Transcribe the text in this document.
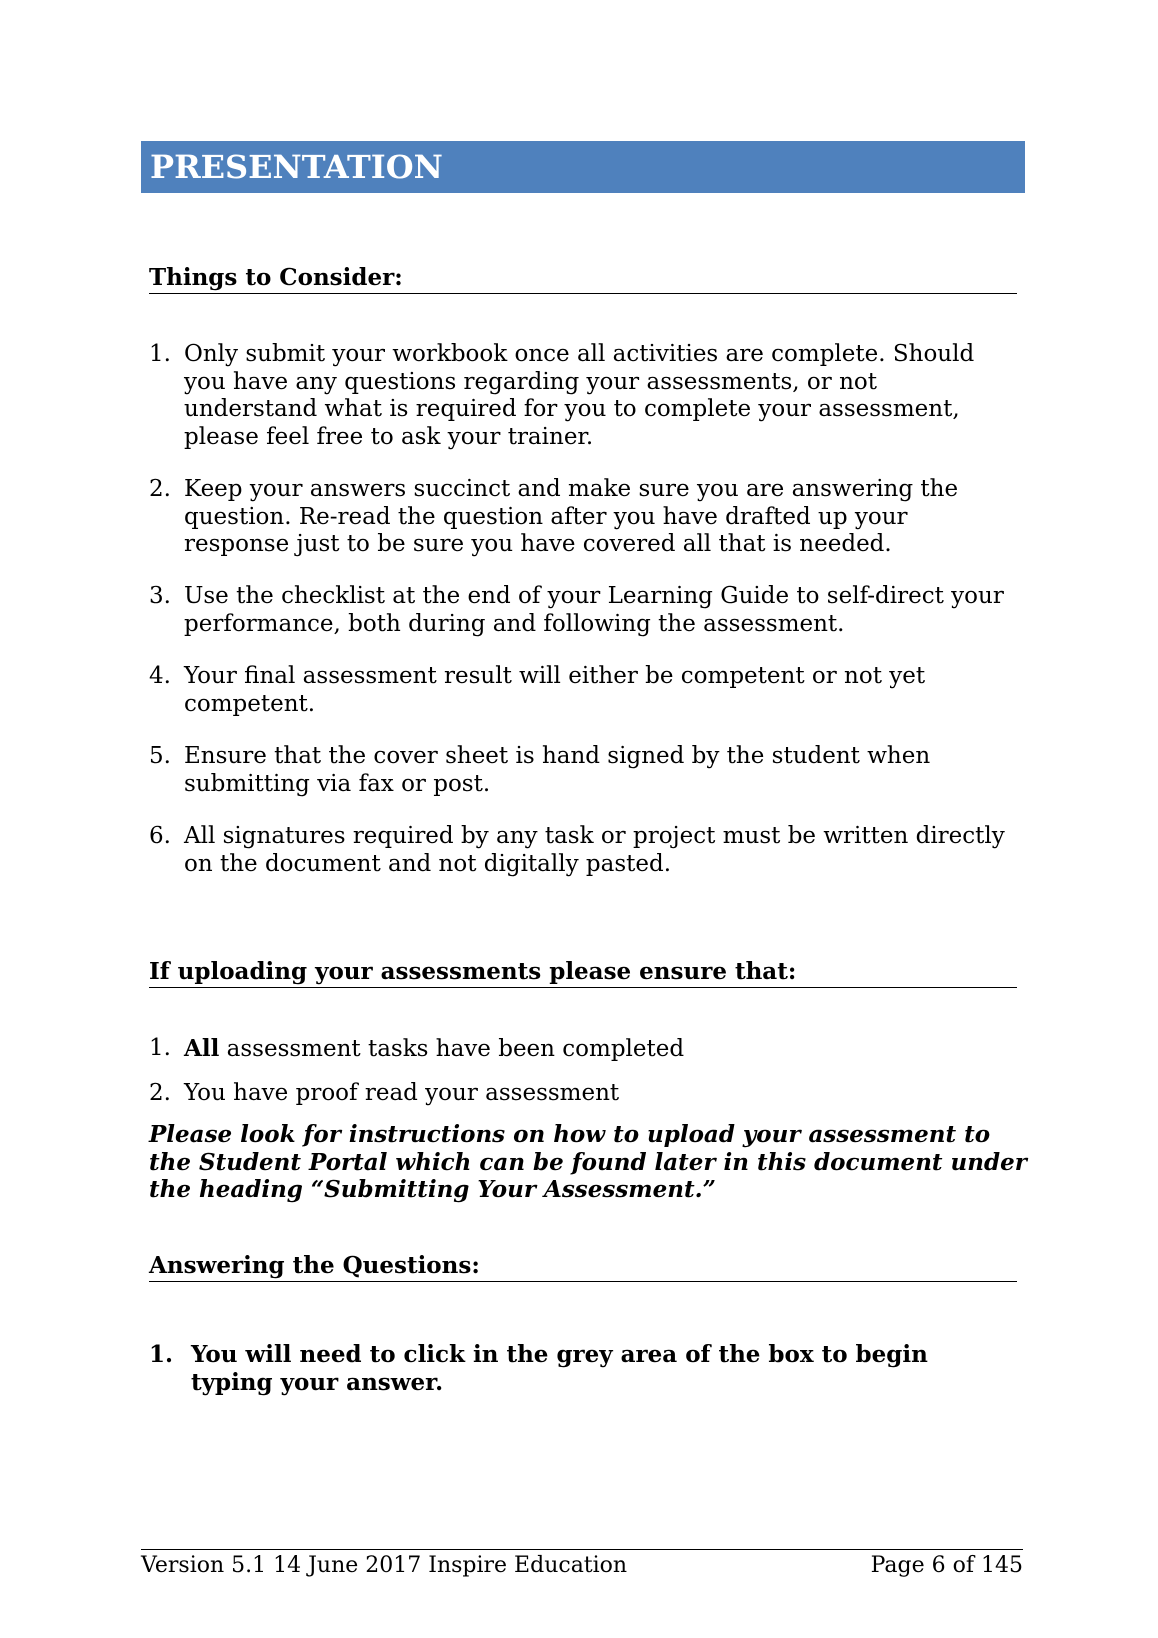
PRESENTATION
Things to Consider:
1. Only submit your workbook once all activities are complete. Should you have any questions regarding your assessments, or not understand what is required for you to complete your assessment, please feel free to ask your trainer.
2. Keep your answers succinct and make sure you are answering the question. Re-read the question after you have drafted up your response just to be sure you have covered all that is needed.
3. Use the checklist at the end of your Learning Guide to self-direct your performance, both during and following the assessment.
4. Your final assessment result will either be competent or not yet competent.
5. Ensure that the cover sheet is hand signed by the student when submitting via fax or post.
6. All signatures required by any task or project must be written directly on the document and not digitally pasted.
If uploading your assessments please ensure that:
1. All assessment tasks have been completed
2. You have proof read your assessment
Please look for instructions on how to upload your assessment to the Student Portal which can be found later in this document under the heading “Submitting Your Assessment.”
Answering the Questions:
1. You will need to click in the grey area of the box to begin typing your answer.
Version 5.1 14 June 2017 Inspire Education	Page 6 of 145
